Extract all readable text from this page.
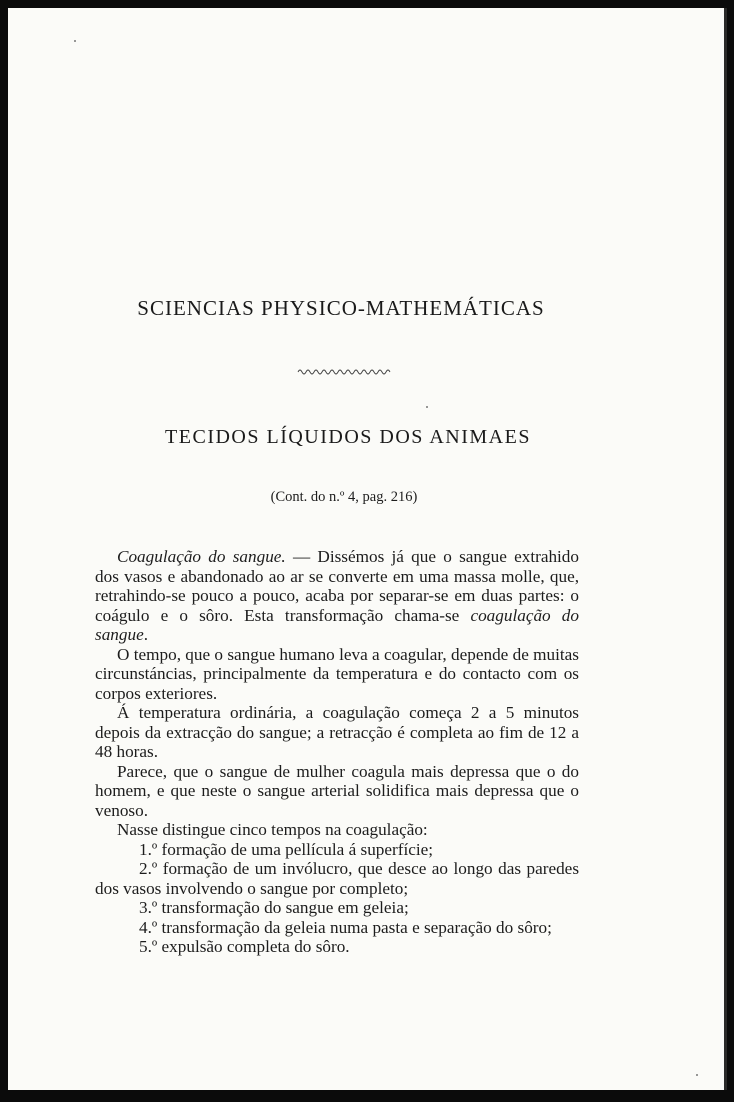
SCIENCIAS PHYSICO-MATHEMÁTICAS
TECIDOS LÍQUIDOS DOS ANIMAES
(Cont. do n.º 4, pag. 216)

Coagulação do sangue. — Dissémos já que o sangue extrahido dos vasos e abandonado ao ar se converte em uma massa molle, que, retrahindo-se pouco a pouco, acaba por separar-se em duas partes: o coágulo e o sôro. Esta transformação chama-se coagulação do sangue.

O tempo, que o sangue humano leva a coagular, depende de muitas circunstáncias, principalmente da temperatura e do contacto com os corpos exteriores.

Á temperatura ordinária, a coagulação começa 2 a 5 minutos depois da extracção do sangue; a retracção é completa ao fim de 12 a 48 horas.

Parece, que o sangue de mulher coagula mais depressa que o do homem, e que neste o sangue arterial solidifica mais depressa que o venoso.

Nasse distingue cinco tempos na coagulação:

1.º formação de uma pellícula á superfície;

2.º formação de um invólucro, que desce ao longo das paredes dos vasos involvendo o sangue por completo;

3.º transformação do sangue em geleia;

4.º transformação da geleia numa pasta e separação do sôro;

5.º expulsão completa do sôro.
